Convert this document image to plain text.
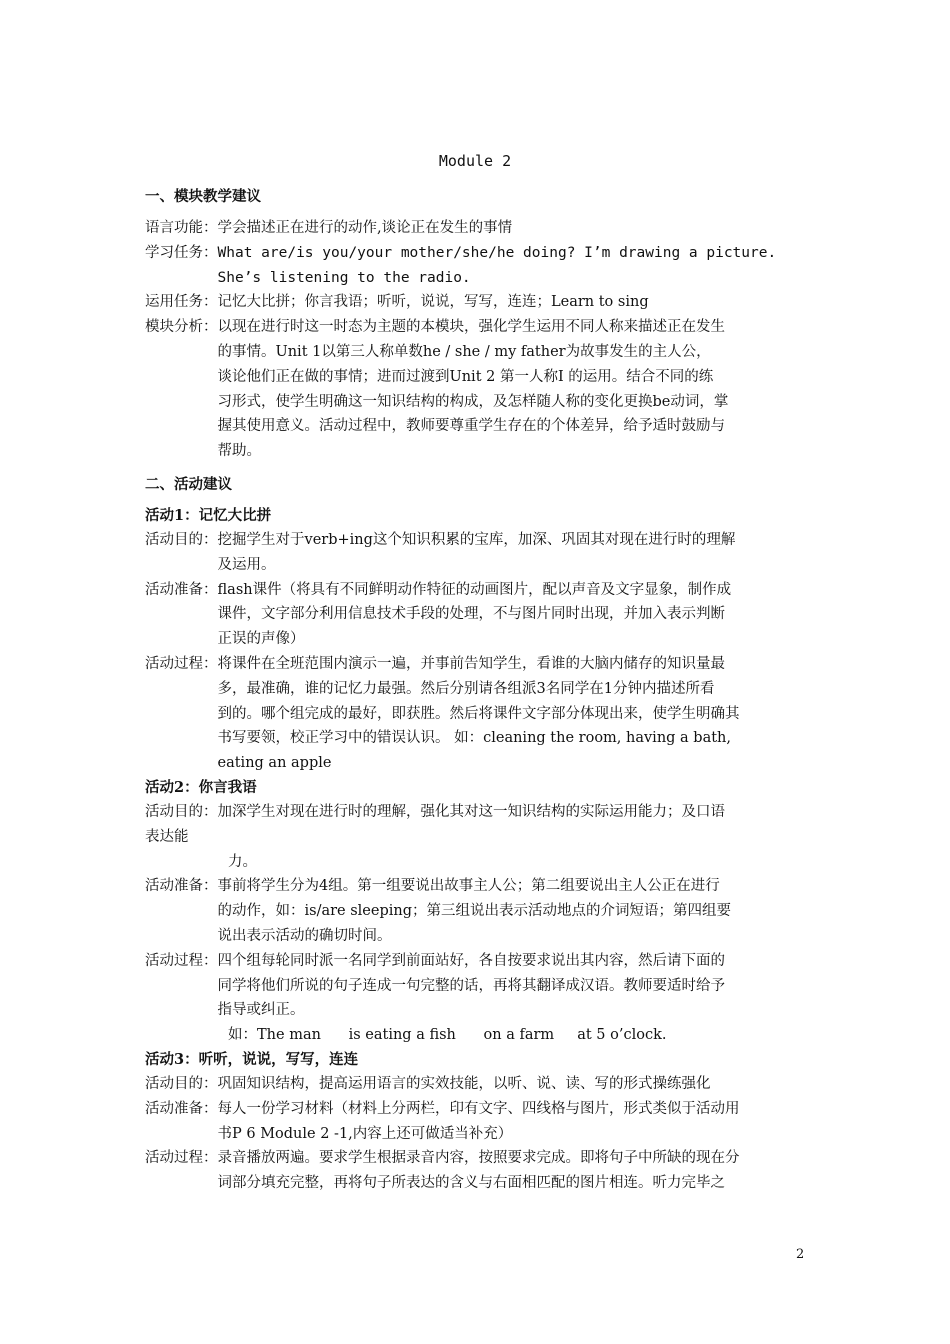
Module 2
一、模块教学建议
语言功能： 学会描述正在进行的动作,谈论正在发生的事情
学习任务： What are/is you/your mother/she/he doing? I’m drawing a picture.
She’s listening to the radio.
运用任务： 记忆大比拼；你言我语；听听，说说，写写，连连；Learn to sing
模块分析： 以现在进行时这一时态为主题的本模块，强化学生运用不同人称来描述正在发生
的事情。Unit 1以第三人称单数he / she / my father为故事发生的主人公，
谈论他们正在做的事情；进而过渡到Unit 2 第一人称I 的运用。结合不同的练
习形式，使学生明确这一知识结构的构成，及怎样随人称的变化更换be动词，掌
握其使用意义。活动过程中，教师要尊重学生存在的个体差异，给予适时鼓励与
帮助。
二、活动建议
活动1：记忆大比拼
活动目的： 挖掘学生对于verb+ing这个知识积累的宝库，加深、巩固其对现在进行时的理解
及运用。
活动准备： flash课件（将具有不同鲜明动作特征的动画图片，配以声音及文字显象，制作成
课件，文字部分利用信息技术手段的处理，不与图片同时出现，并加入表示判断
正误的声像）
活动过程： 将课件在全班范围内演示一遍，并事前告知学生，看谁的大脑内储存的知识量最
多，最准确，谁的记忆力最强。然后分别请各组派3名同学在1分钟内描述所看
到的。哪个组完成的最好，即获胜。然后将课件文字部分体现出来，使学生明确其
书写要领，校正学习中的错误认识。 如：cleaning the room, having a bath,
eating an apple
活动2：你言我语
活动目的： 加深学生对现在进行时的理解，强化其对这一知识结构的实际运用能力；及口语
表达能
力。
活动准备： 事前将学生分为4组。第一组要说出故事主人公；第二组要说出主人公正在进行
的动作，如：is/are sleeping；第三组说出表示活动地点的介词短语；第四组要
说出表示活动的确切时间。
活动过程： 四个组每轮同时派一名同学到前面站好，各自按要求说出其内容，然后请下面的
同学将他们所说的句子连成一句完整的话，再将其翻译成汉语。教师要适时给予
指导或纠正。
如：The man      is eating a fish      on a farm     at 5 o’clock.
活动3：听听，说说，写写，连连
活动目的： 巩固知识结构，提高运用语言的实效技能，以听、说、读、写的形式操练强化
活动准备： 每人一份学习材料（材料上分两栏，印有文字、四线格与图片，形式类似于活动用
书P 6 Module 2 -1,内容上还可做适当补充）
活动过程： 录音播放两遍。要求学生根据录音内容，按照要求完成。即将句子中所缺的现在分
词部分填充完整，再将句子所表达的含义与右面相匹配的图片相连。听力完毕之
2
